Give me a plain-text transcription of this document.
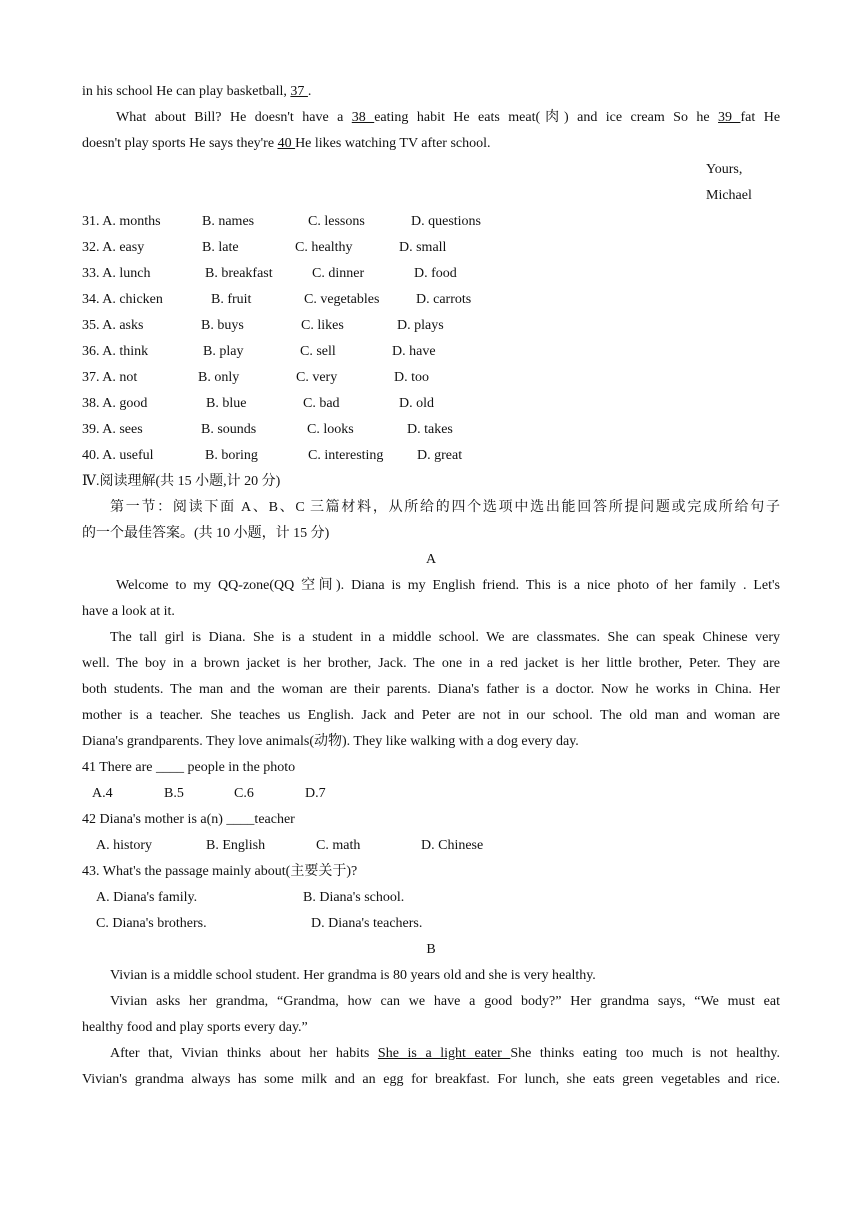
in his school He can play basketball, 37 .
What about Bill? He doesn't have a 38 eating habit He eats meat(肉) and ice cream So he 39 fat He
doesn't play sports He says they're 40 He likes watching TV after school.
Yours,
Michael
31. A. months	B. names	C. lessons	D. questions
32. A. easy	B. late	C. healthy	D. small
33. A. lunch	B. breakfast	C. dinner	D. food
34. A. chicken	B. fruit	C. vegetables	D. carrots
35. A. asks	B. buys	C. likes	D. plays
36. A. think	B. play	C. sell	D. have
37. A. not	B. only	C. very	D. too
38. A. good	B. blue	C. bad	D. old
39. A. sees	B. sounds	C. looks	D. takes
40. A. useful	B. boring	C. interesting	D. great
Ⅳ.阅读理解(共 15 小题,计 20 分)
第一节：阅读下面 A、B、C 三篇材料，从所给的四个选项中选出能回答所提问题或完成所给句子
的一个最佳答案。(共 10 小题，计 15 分)
A
Welcome to my QQ-zone(QQ 空间). Diana is my English friend. This is a nice photo of her family . Let's
have a look at it.
The tall girl is Diana. She is a student in a middle school. We are classmates. She can speak Chinese very
well. The boy in a brown jacket is her brother, Jack. The one in a red jacket is her little brother, Peter. They are
both students. The man and the woman are their parents. Diana's father is a doctor. Now he works in China. Her
mother is a teacher. She teaches us English. Jack and Peter are not in our school. The old man and woman are
Diana's grandparents. They love animals(动物). They like walking with a dog every day.
41 There are ____ people in the photo
A.4	B.5	C.6	D.7
42 Diana's mother is a(n) ____teacher
A. history	B. English	C. math	D. Chinese
43. What's the passage mainly about(主要关于)?
A. Diana's family.	B. Diana's school.
C. Diana's brothers.	D. Diana's teachers.
B
Vivian is a middle school student. Her grandma is 80 years old and she is very healthy.
Vivian asks her grandma, “Grandma, how can we have a good body?” Her grandma says, “We must eat
healthy food and play sports every day.”
After that, Vivian thinks about her habits She is a light eater She thinks eating too much is not healthy.
Vivian's grandma always has some milk and an egg for breakfast. For lunch, she eats green vegetables and rice.
